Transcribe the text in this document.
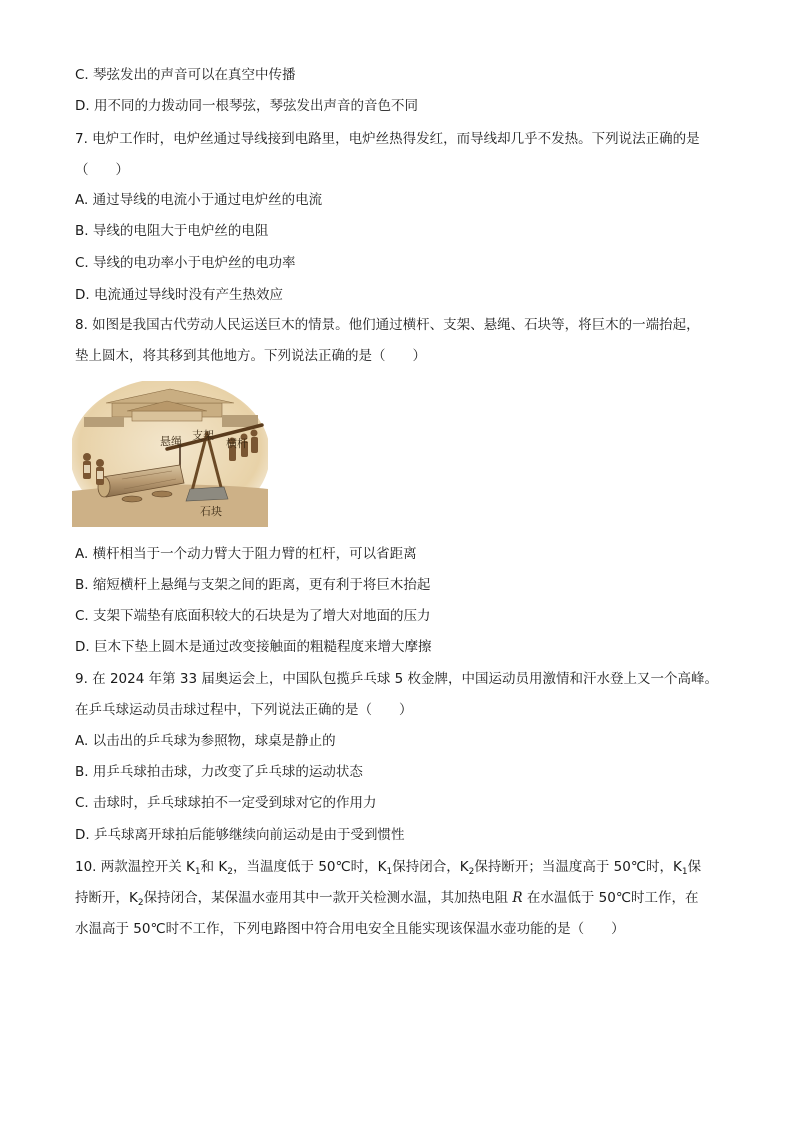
C. 琴弦发出的声音可以在真空中传播
D. 用不同的力拨动同一根琴弦，琴弦发出声音的音色不同
7. 电炉工作时，电炉丝通过导线接到电路里，电炉丝热得发红，而导线却几乎不发热。下列说法正确的是
（　　）
A. 通过导线的电流小于通过电炉丝的电流
B. 导线的电阻大于电炉丝的电阻
C. 导线的电功率小于电炉丝的电功率
D. 电流通过导线时没有产生热效应
8. 如图是我国古代劳动人民运送巨木的情景。他们通过横杆、支架、悬绳、石块等，将巨木的一端抬起，
垫上圆木，将其移到其他地方。下列说法正确的是（　　）
悬绳 支架
横杆
石块
A. 横杆相当于一个动力臂大于阻力臂的杠杆，可以省距离
B. 缩短横杆上悬绳与支架之间的距离，更有利于将巨木抬起
C. 支架下端垫有底面积较大的石块是为了增大对地面的压力
D. 巨木下垫上圆木是通过改变接触面的粗糙程度来增大摩擦
9. 在 2024 年第 33 届奥运会上，中国队包揽乒乓球 5 枚金牌，中国运动员用激情和汗水登上又一个高峰。
在乒乓球运动员击球过程中，下列说法正确的是（　　）
A. 以击出的乒乓球为参照物，球桌是静止的
B. 用乒乓球拍击球，力改变了乒乓球的运动状态
C. 击球时，乒乓球球拍不一定受到球对它的作用力
D. 乒乓球离开球拍后能够继续向前运动是由于受到惯性
10. 两款温控开关 $K_1$和 $K_2$，当温度低于 50℃时，$K_1$保持闭合，$K_2$保持断开；当温度高于 50℃时，$K_1$保
持断开，$K_2$保持闭合，某保温水壶用其中一款开关检测水温，其加热电阻 R 在水温低于 50℃时工作，在
水温高于 50℃时不工作，下列电路图中符合用电安全且能实现该保温水壶功能的是（　　）
